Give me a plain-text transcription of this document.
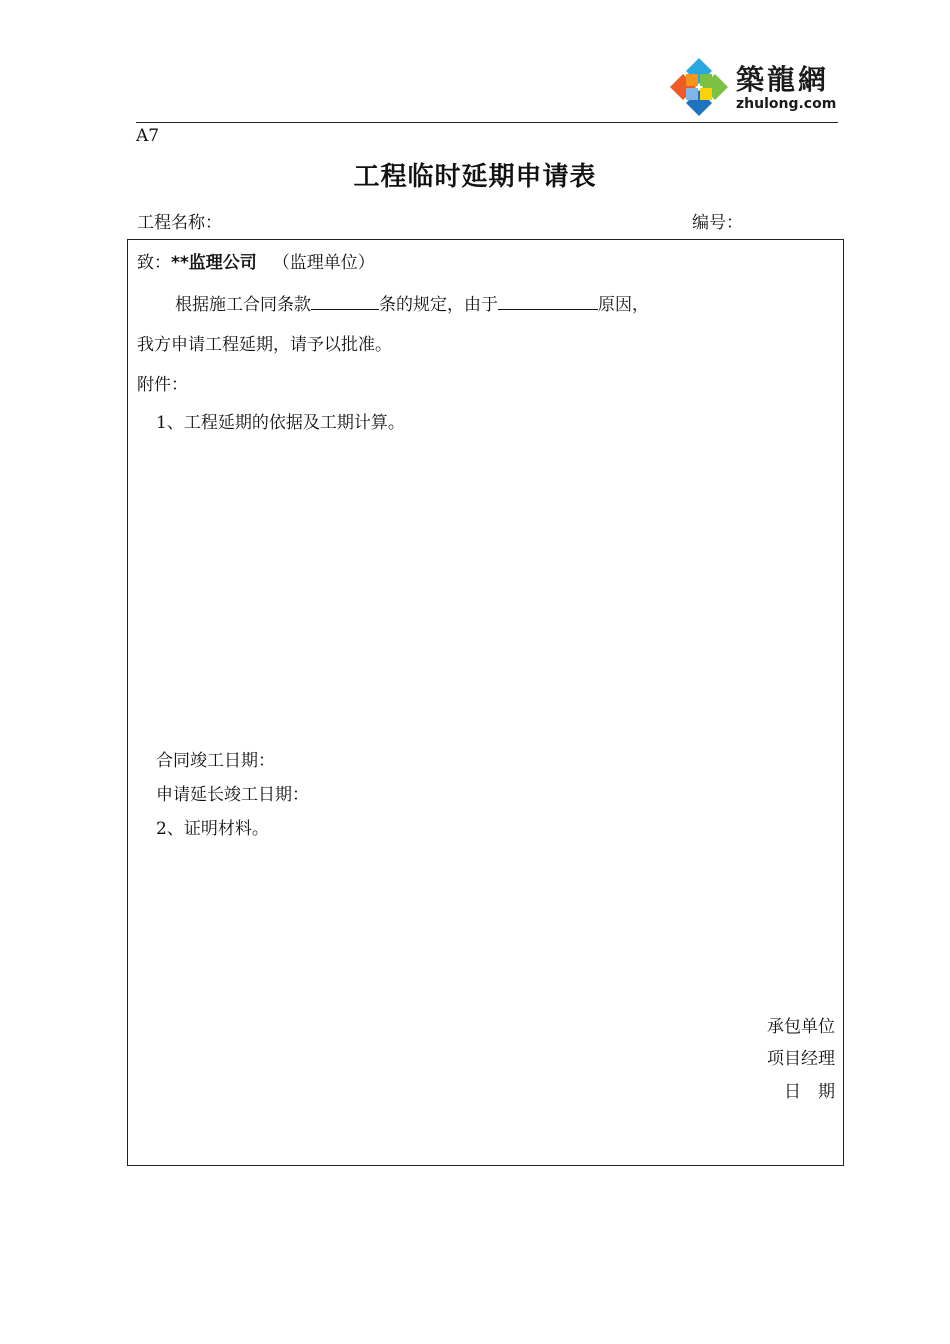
築龍網
zhulong.com
A7
工程临时延期申请表
工程名称：	编号：
致：**监理公司 （监理单位）
根据施工合同条款	条的规定，由于	原因，
我方申请工程延期，请予以批准。
附件：
1、工程延期的依据及工期计算。
合同竣工日期：
申请延长竣工日期：
2、证明材料。
承包单位
项目经理
日　期
